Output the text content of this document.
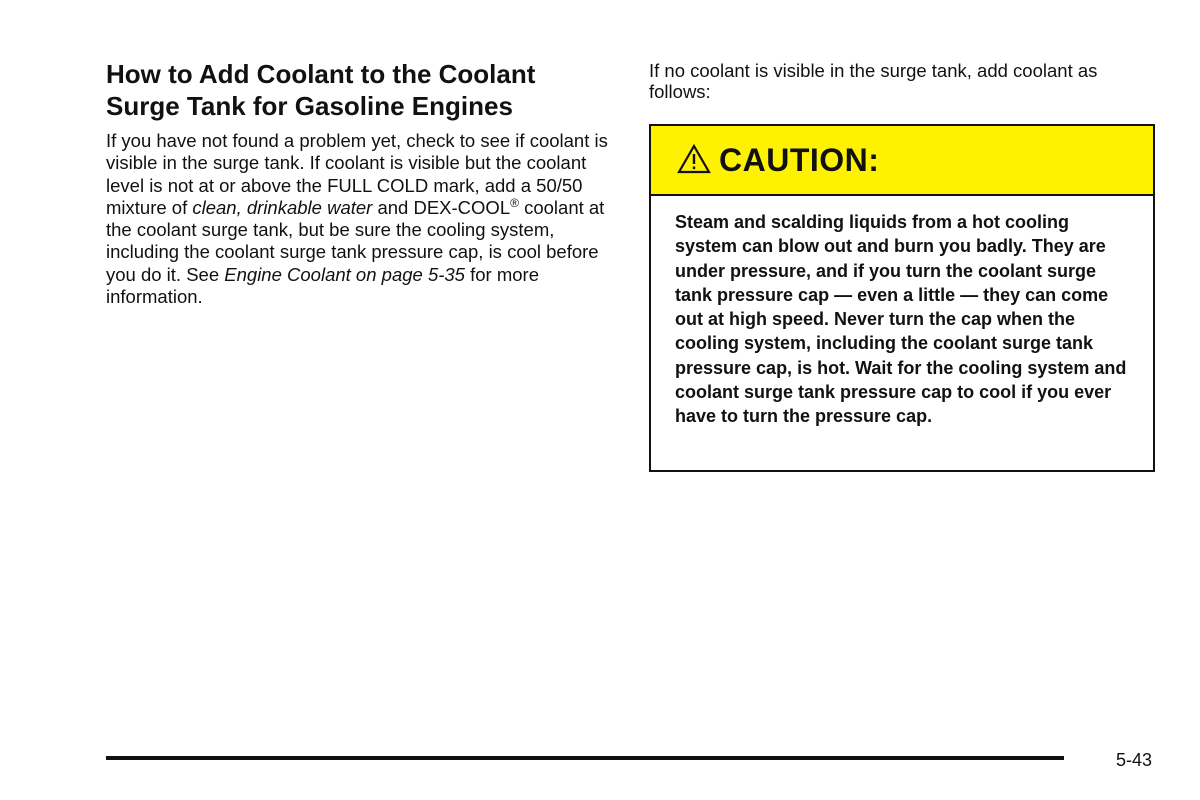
How to Add Coolant to the Coolant
Surge Tank for Gasoline Engines

If you have not found a problem yet, check to see if coolant is visible in the surge tank. If coolant is visible but the coolant level is not at or above the FULL COLD mark, add a 50/50 mixture of clean, drinkable water and DEX-COOL® coolant at the coolant surge tank, but be sure the cooling system, including the coolant surge tank pressure cap, is cool before you do it. See Engine Coolant on page 5-35 for more information.

If no coolant is visible in the surge tank, add coolant as follows:

CAUTION:

Steam and scalding liquids from a hot cooling system can blow out and burn you badly. They are under pressure, and if you turn the coolant surge tank pressure cap — even a little — they can come out at high speed. Never turn the cap when the cooling system, including the coolant surge tank pressure cap, is hot. Wait for the cooling system and coolant surge tank pressure cap to cool if you ever have to turn the pressure cap.

5-43
